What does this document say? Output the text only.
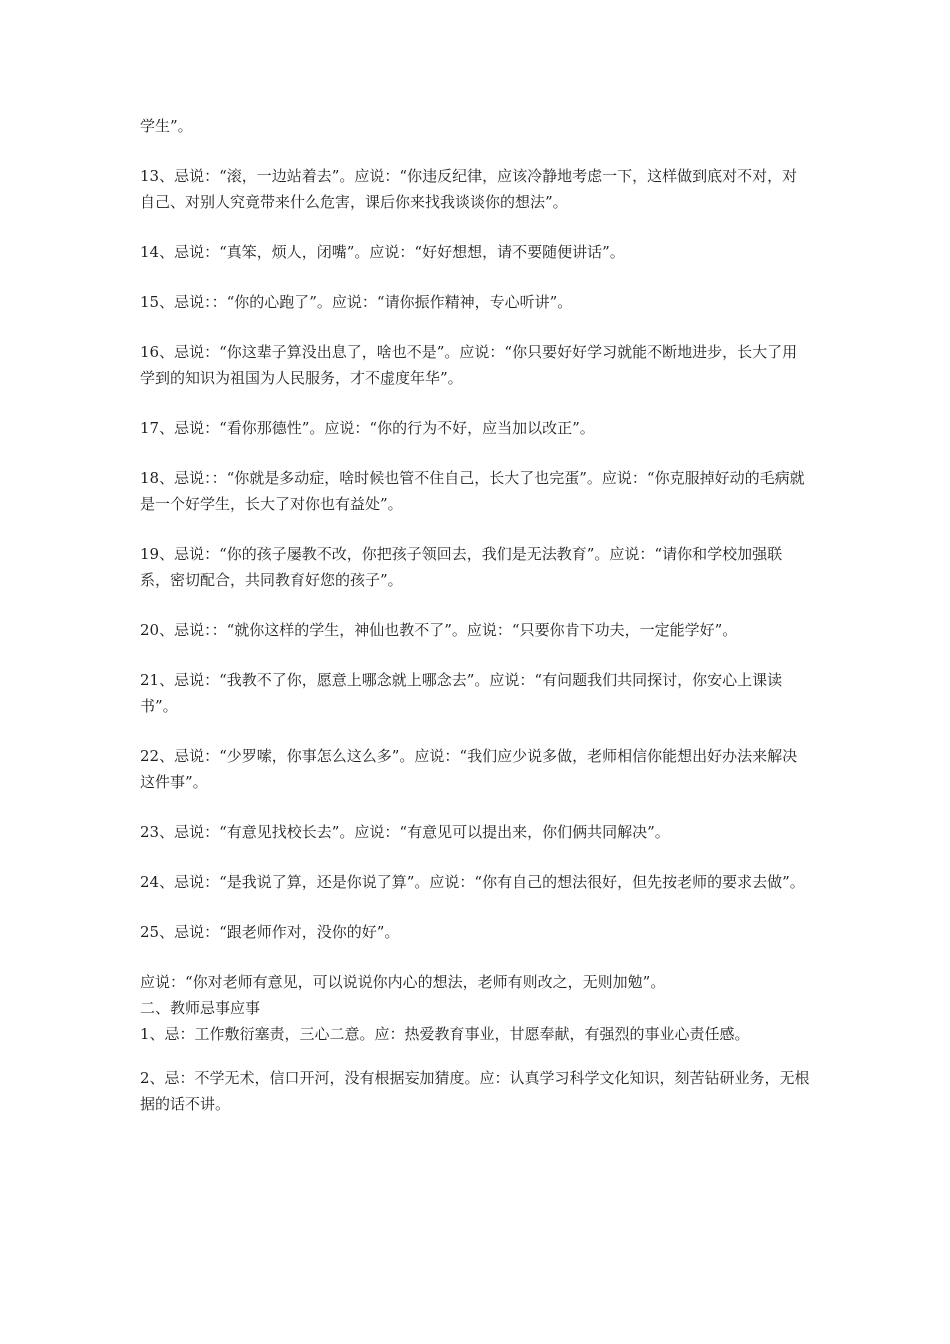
学生”。

13、忌说：“滚，一边站着去”。应说：“你违反纪律，应该冷静地考虑一下，这样做到底对不对，对自己、对别人究竟带来什么危害，课后你来找我谈谈你的想法”。

14、忌说：“真笨，烦人，闭嘴”。应说：“好好想想，请不要随便讲话”。

15、忌说：：“你的心跑了”。应说：“请你振作精神，专心听讲”。

16、忌说：“你这辈子算没出息了，啥也不是”。应说：“你只要好好学习就能不断地进步，长大了用学到的知识为祖国为人民服务，才不虚度年华”。

17、忌说：“看你那德性”。应说：“你的行为不好，应当加以改正”。

18、忌说：：“你就是多动症，啥时候也管不住自己，长大了也完蛋”。应说：“你克服掉好动的毛病就是一个好学生，长大了对你也有益处”。

19、忌说：“你的孩子屡教不改，你把孩子领回去，我们是无法教育”。应说：“请你和学校加强联系，密切配合，共同教育好您的孩子”。

20、忌说：：“就你这样的学生，神仙也教不了”。应说：“只要你肯下功夫，一定能学好”。

21、忌说：“我教不了你，愿意上哪念就上哪念去”。应说：“有问题我们共同探讨，你安心上课读书”。

22、忌说：“少罗嗦，你事怎么这么多”。应说：“我们应少说多做，老师相信你能想出好办法来解决这件事”。

23、忌说：“有意见找校长去”。应说：“有意见可以提出来，你们俩共同解决”。

24、忌说：“是我说了算，还是你说了算”。应说：“你有自己的想法很好，但先按老师的要求去做”。

25、忌说：“跟老师作对，没你的好”。

应说：“你对老师有意见，可以说说你内心的想法，老师有则改之，无则加勉”。

二、教师忌事应事

1、忌：工作敷衍塞责，三心二意。应：热爱教育事业，甘愿奉献，有强烈的事业心责任感。

2、忌：不学无术，信口开河，没有根据妄加猜度。应：认真学习科学文化知识，刻苦钻研业务，无根据的话不讲。
